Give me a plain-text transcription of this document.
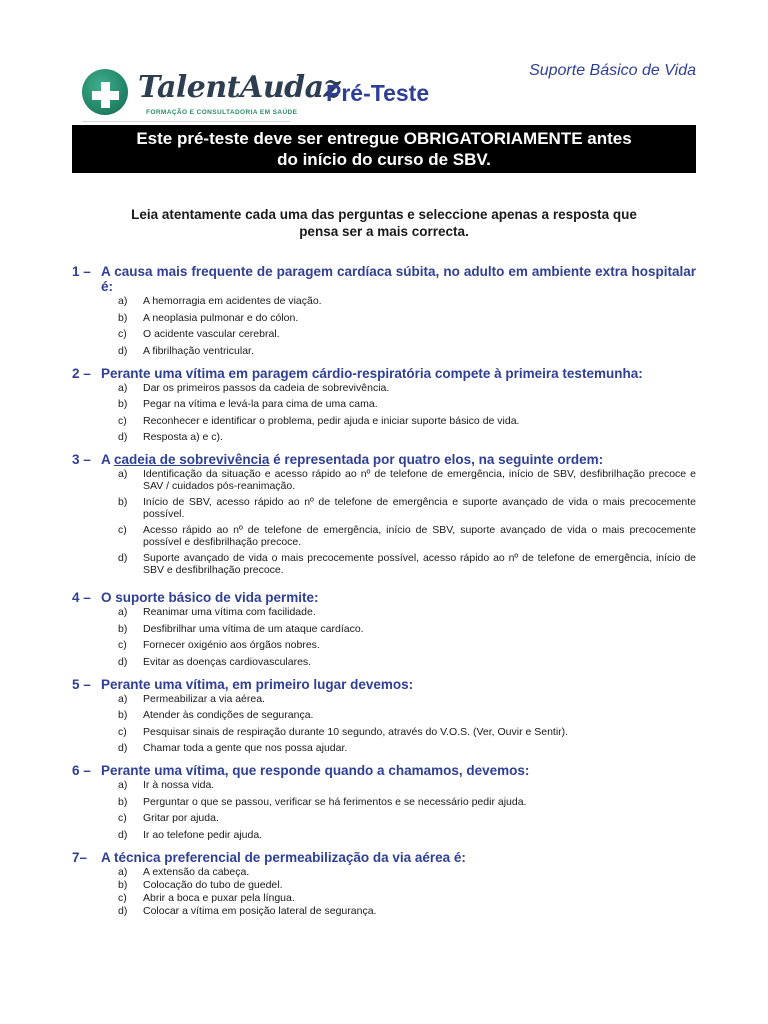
TalentAudaz
FORMAÇÃO E CONSULTADORIA EM SAÚDE
Suporte Básico de Vida
Pré-Teste
Este pré-teste deve ser entregue OBRIGATORIAMENTE antes
do início do curso de SBV.
Leia atentamente cada uma das perguntas e seleccione apenas a resposta que
pensa ser a mais correcta.
1 – A causa mais frequente de paragem cardíaca súbita, no adulto em ambiente extra hospitalar é:
a)	A hemorragia em acidentes de viação.
b)	A neoplasia pulmonar e do cólon.
c)	O acidente vascular cerebral.
d)	A fibrilhação ventricular.
2 – Perante uma vítima em paragem cárdio-respiratória compete à primeira testemunha:
a)	Dar os primeiros passos da cadeia de sobrevivência.
b)	Pegar na vítima e levá-la para cima de uma cama.
c)	Reconhecer e identificar o problema, pedir ajuda e iniciar suporte básico de vida.
d)	Resposta a) e c).
3 – A cadeia de sobrevivência é representada por quatro elos, na seguinte ordem:
a)	Identificação da situação e acesso rápido ao nº de telefone de emergência, início de SBV, desfibrilhação precoce e SAV / cuidados pós-reanimação.
b)	Início de SBV, acesso rápido ao nº de telefone de emergência e suporte avançado de vida o mais precocemente possível.
c)	Acesso rápido ao nº de telefone de emergência, início de SBV, suporte avançado de vida o mais precocemente possível e desfibrilhação precoce.
d)	Suporte avançado de vida o mais precocemente possível, acesso rápido ao nº de telefone de emergência, início de SBV e desfibrilhação precoce.
4 – O suporte básico de vida permite:
a)	Reanimar uma vítima com facilidade.
b)	Desfibrilhar uma vítima de um ataque cardíaco.
c)	Fornecer oxigénio aos órgãos nobres.
d)	Evitar as doenças cardiovasculares.
5 – Perante uma vítima, em primeiro lugar devemos:
a)	Permeabilizar a via aérea.
b)	Atender às condições de segurança.
c)	Pesquisar sinais de respiração durante 10 segundo, através do V.O.S. (Ver, Ouvir e Sentir).
d)	Chamar toda a gente que nos possa ajudar.
6 – Perante uma vítima, que responde quando a chamamos, devemos:
a)	Ir à nossa vida.
b)	Perguntar o que se passou, verificar se há ferimentos e se necessário pedir ajuda.
c)	Gritar por ajuda.
d)	Ir ao telefone pedir ajuda.
7– A técnica preferencial de permeabilização da via aérea é:
a)	A extensão da cabeça.
b)	Colocação do tubo de guedel.
c)	Abrir a boca e puxar pela língua.
d)	Colocar a vítima em posição lateral de segurança.
